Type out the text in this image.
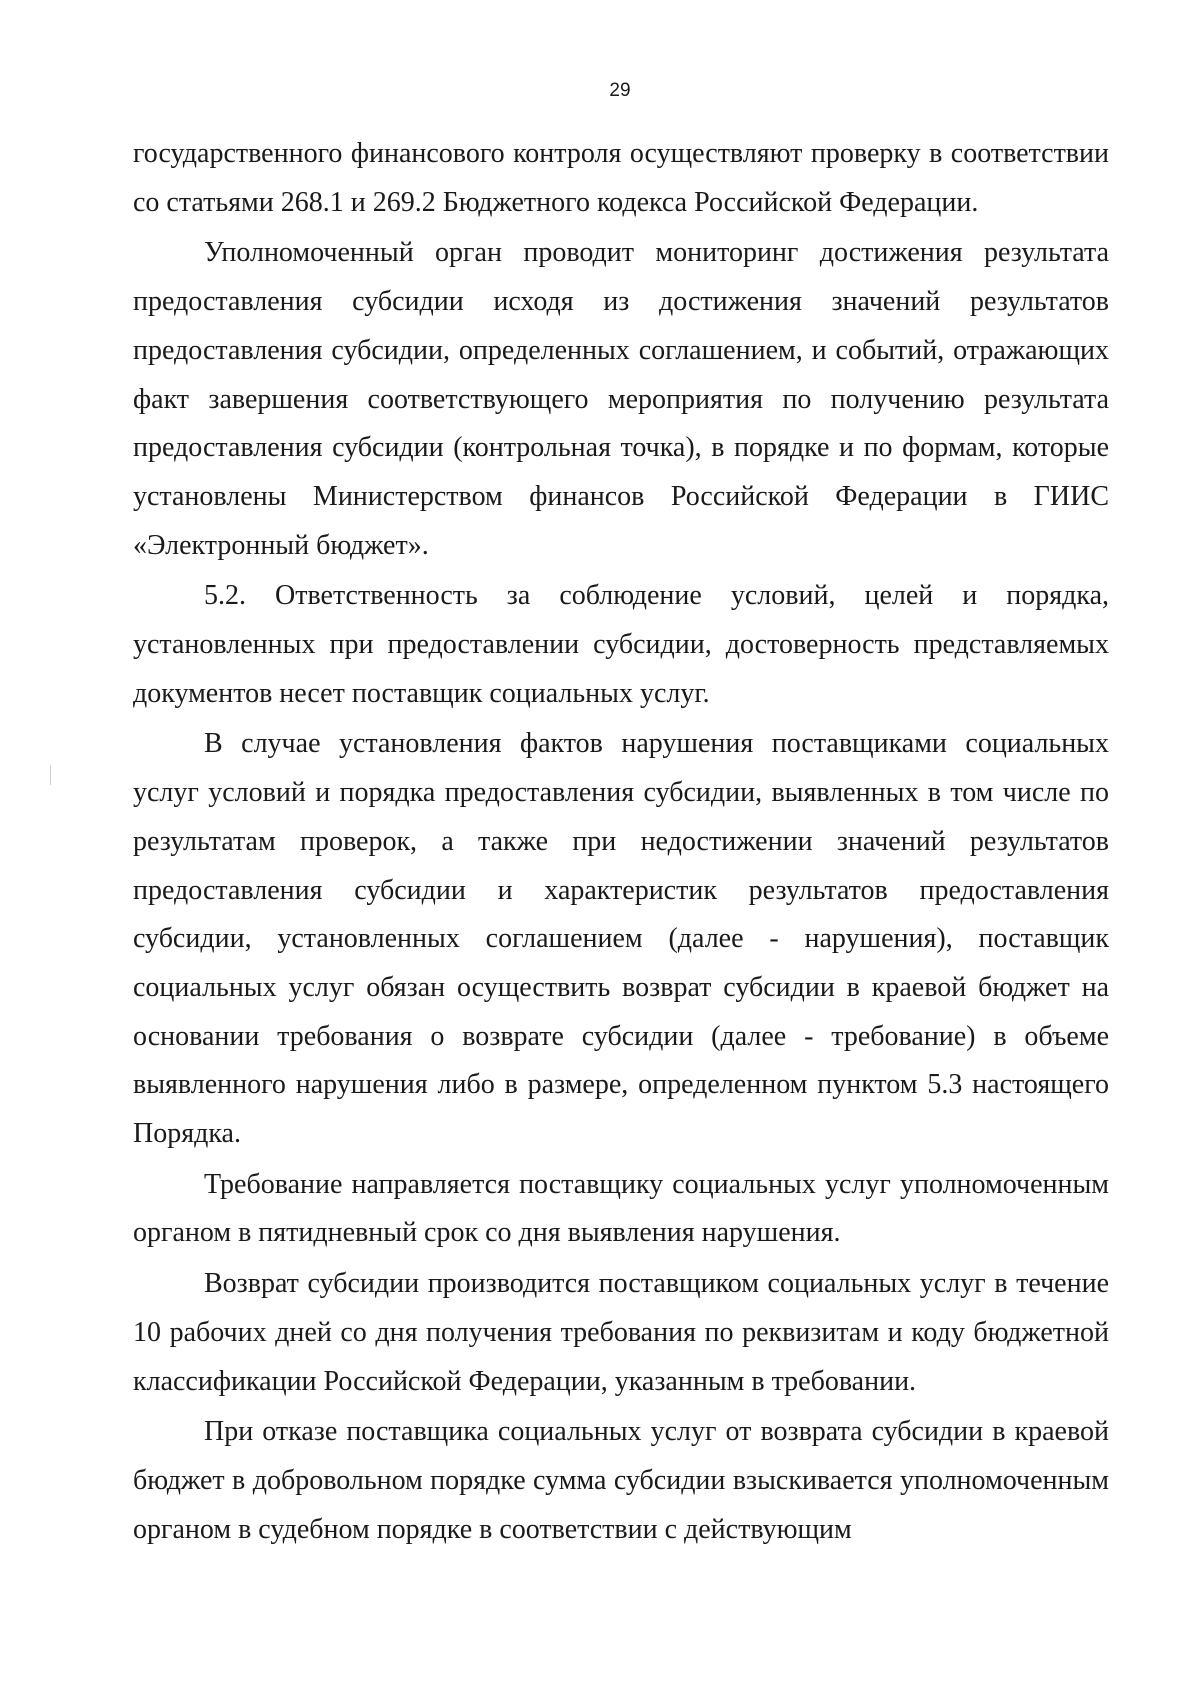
29

государственного финансового контроля осуществляют проверку в соответствии со статьями 268.1 и 269.2 Бюджетного кодекса Российской Федерации.

Уполномоченный орган проводит мониторинг достижения результата предоставления субсидии исходя из достижения значений результатов предоставления субсидии, определенных соглашением, и событий, отражающих факт завершения соответствующего мероприятия по получению результата предоставления субсидии (контрольная точка), в порядке и по формам, которые установлены Министерством финансов Российской Федерации в ГИИС «Электронный бюджет».

5.2. Ответственность за соблюдение условий, целей и порядка, установленных при предоставлении субсидии, достоверность представляемых документов несет поставщик социальных услуг.

В случае установления фактов нарушения поставщиками социальных услуг условий и порядка предоставления субсидии, выявленных в том числе по результатам проверок, а также при недостижении значений результатов предоставления субсидии и характеристик результатов предоставления субсидии, установленных соглашением (далее - нарушения), поставщик социальных услуг обязан осуществить возврат субсидии в краевой бюджет на основании требования о возврате субсидии (далее - требование) в объеме выявленного нарушения либо в размере, определенном пунктом 5.3 настоящего Порядка.

Требование направляется поставщику социальных услуг уполномоченным органом в пятидневный срок со дня выявления нарушения.

Возврат субсидии производится поставщиком социальных услуг в течение 10 рабочих дней со дня получения требования по реквизитам и коду бюджетной классификации Российской Федерации, указанным в требовании.

При отказе поставщика социальных услуг от возврата субсидии в краевой бюджет в добровольном порядке сумма субсидии взыскивается уполномоченным органом в судебном порядке в соответствии с действующим
